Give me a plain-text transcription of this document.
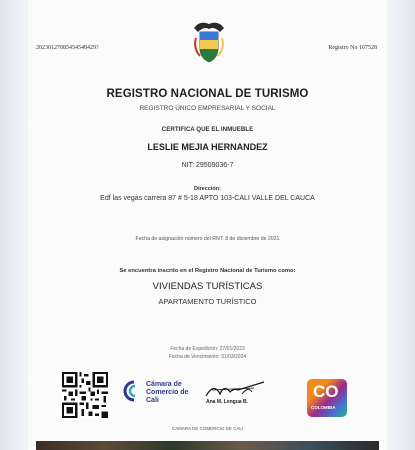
20230127085454548429?	Registro No 107528
REGISTRO NACIONAL DE TURISMO
REGISTRO ÚNICO EMPRESARIAL Y SOCIAL
CERTIFICA QUE EL INMUEBLE
LESLIE MEJIA HERNANDEZ
NIT: 29509036-7
Dirección:
Edf las vegas carrera 87 # 5-18 APTO 103-CALI VALLE DEL CAUCA
Fecha de asignación número del RNT: 8 de diciembre de 2021
Se encuentra inscrito en el Registro Nacional de Turismo como:
VIVIENDAS TURÍSTICAS
APARTAMENTO TURÍSTICO
Fecha de Expedición: 27/01/2023
Fecha de Vencimiento: 31/03/2024
Cámara de
Comercio de
Cali	Ana M. Lengua B.
CO
COLOMBIA
CAMARA DE COMERCIO DE CALI
